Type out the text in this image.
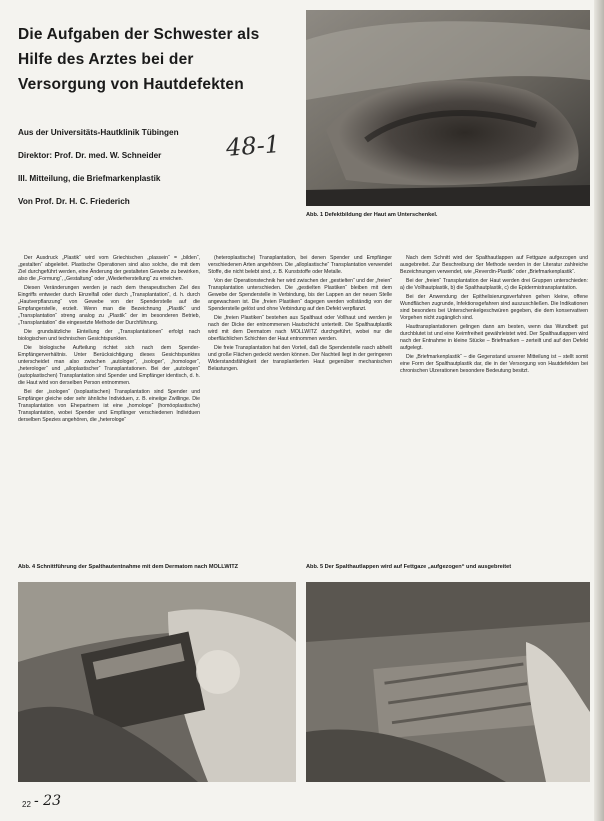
Die Aufgaben der Schwester als
Hilfe des Arztes bei der
Versorgung von Hautdefekten
Aus der Universitäts-Hautklinik Tübingen
Direktor: Prof. Dr. med. W. Schneider
III. Mitteilung, die Briefmarkenplastik
Von Prof. Dr. H. C. Friederich
48-1
Abb. 1 Defektbildung der Haut am Unterschenkel.

Der Ausdruck „Plastik“ wird vom Griechischen „plassein“ = „bilden“, „gestalten“ abgeleitet. Plastische Operationen sind also solche, die mit dem Ziel durchgeführt werden, eine Änderung der gestalteten Gewebe zu bewirken, also die „Formung“, „Gestaltung“ oder „Wiederherstellung“ zu erreichen.

Diesen Veränderungen werden je nach dem therapeutischen Ziel des Eingriffs entweder durch Einzelfall oder durch „Transplantation“, d. h. durch „Hautverpflanzung“ von Gewebe von der Spenderstelle auf die Empfangerstelle, erzielt. Wenn man die Bezeichnung „Plastik“ und „Transplantation“ streng analog zu „Plastik“ der im besonderen Betrieb, „Transplantation“ die eingesetzte Methode der Durchführung.

Die grundsätzliche Einteilung der „Transplantationen“ erfolgt nach biologischen und technischen Gesichtspunkten.

Die biologische Aufteilung richtet sich nach dem Spender-Empfängerverhältnis. Unter Berücksichtigung dieses Gesichtspunktes unterscheidet man also zwischen „autologer“, „isologer“, „homologer“, „heterologer“ und „alloplastischer“ Transplantationen. Bei der „autologen“ (autoplastischen) Transplantation sind Spender und Empfänger identisch, d. h. die Haut wird von derselben Person entnommen.

Bei der „isologen“ (isoplastischen) Transplantation sind Spender und Empfänger gleiche oder sehr ähnliche Individuen, z. B. eineiige Zwillinge. Die Transplantation von Ehepartnern ist eine „homologe“ (homöoplastische) Transplantation, wobei Spender und Empfänger verschiedenen Individuen derselben Spezies angehören, die „heterologe“

(heteroplastische) Transplantation, bei denen Spender und Empfänger verschiedenen Arten angehören. Die „alloplastische“ Transplantation verwendet Stoffe, die nicht belebt sind, z. B. Kunststoffe oder Metalle.

Von der Operationstechnik her wird zwischen der „gestielten“ und der „freien“ Transplantation unterschieden. Die „gestielten Plastiken“ bleiben mit dem Gewebe der Spenderstelle in Verbindung, bis der Lappen an der neuen Stelle angewachsen ist. Die „freien Plastiken“ dagegen werden vollständig von der Spenderstelle gelöst und ohne Verbindung auf den Defekt verpflanzt.

Die „freien Plastiken“ bestehen aus Spalthaut oder Vollhaut und werden je nach der Dicke der entnommenen Hautschicht unterteilt. Die Spalthautplastik wird mit dem Dermatom nach MOLLWITZ durchgeführt, wobei nur die oberflächlichen Schichten der Haut entnommen werden.

Die freie Transplantation hat den Vorteil, daß die Spenderstelle rasch abheilt und große Flächen gedeckt werden können. Der Nachteil liegt in der geringeren Widerstandsfähigkeit der transplantierten Haut gegenüber mechanischen Belastungen.

Nach dem Schnitt wird der Spalthautlappen auf Fettgaze aufgezogen und ausgebreitet. Zur Beschreibung der Methode werden in der Literatur zahlreiche Bezeichnungen verwendet, wie „Reverdin-Plastik“ oder „Briefmarkenplastik“.

Bei der „freien“ Transplantation der Haut werden drei Gruppen unterschieden: a) die Vollhautplastik, b) die Spalthautplastik, c) die Epidermistransplantation.

Bei der Anwendung der Epithelisierungsverfahren gehen kleine, offene Wundflächen zugrunde, Infektionsgefahren sind auszuschließen. Die Indikationen sind besonders bei Unterschenkelgeschwüren gegeben, die dem konservativen Vorgehen nicht zugänglich sind.

Hauttransplantationen gelingen dann am besten, wenn das Wundbett gut durchblutet ist und eine Keimfreiheit gewährleistet wird. Der Spalthautlappen wird nach der Entnahme in kleine Stücke – Briefmarken – zerteilt und auf den Defekt aufgelegt.

Die „Briefmarkenplastik“ – die Gegenstand unserer Mitteilung ist – stellt somit eine Form der Spalthautplastik dar, die in der Versorgung von Hautdefekten bei chronischen Ulzerationen besondere Bedeutung besitzt.

Abb. 4 Schnittführung der Spalthautentnahme mit dem Dermatom nach MOLLWITZ	Abb. 5 Der Spalthautlappen wird auf Fettgaze „aufgezogen“ und ausgebreitet
22 - 23
